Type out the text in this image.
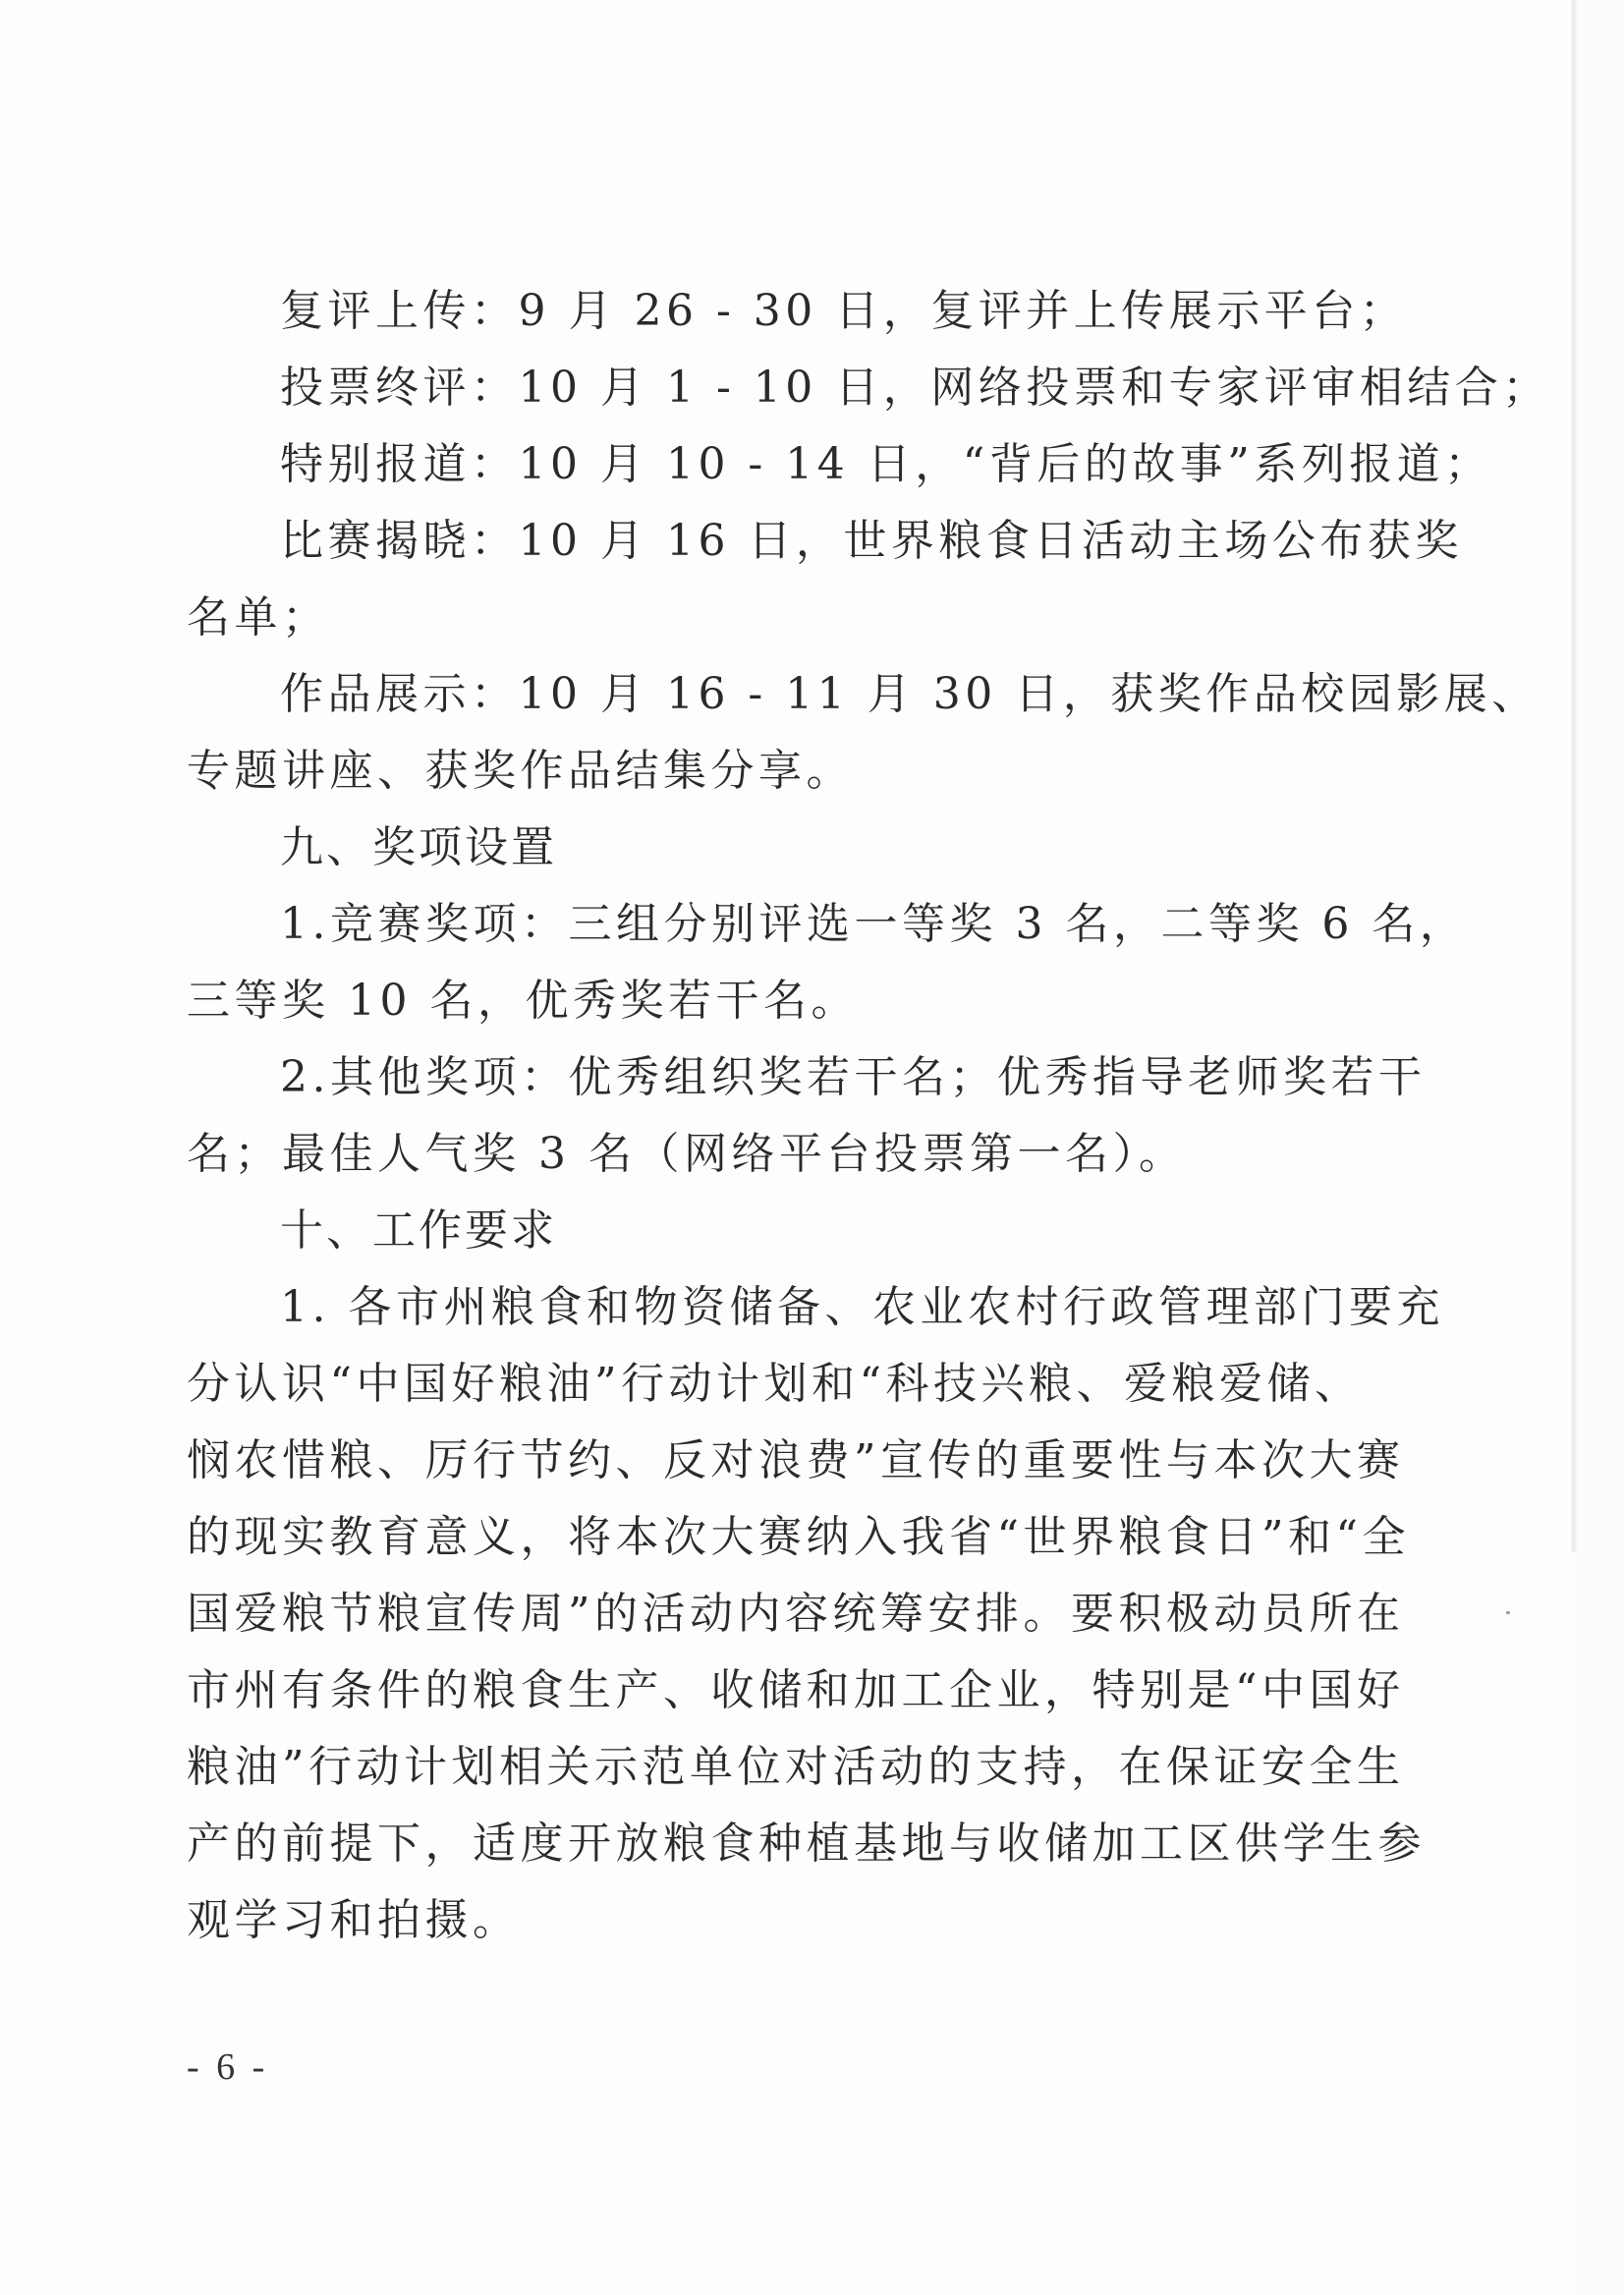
复评上传：9 月 26 - 30 日，复评并上传展示平台；

投票终评：10 月 1 - 10 日，网络投票和专家评审相结合；

特别报道：10 月 10 - 14 日，“背后的故事”系列报道；

比赛揭晓：10 月 16 日，世界粮食日活动主场公布获奖

名单；

作品展示：10 月 16 - 11 月 30 日，获奖作品校园影展、

专题讲座、获奖作品结集分享。

九、奖项设置

1.竞赛奖项：三组分别评选一等奖 3 名，二等奖 6 名，

三等奖 10 名，优秀奖若干名。

2.其他奖项：优秀组织奖若干名；优秀指导老师奖若干

名；最佳人气奖 3 名（网络平台投票第一名）。

十、工作要求

1. 各市州粮食和物资储备、农业农村行政管理部门要充

分认识“中国好粮油”行动计划和“科技兴粮、爱粮爱储、

悯农惜粮、厉行节约、反对浪费”宣传的重要性与本次大赛

的现实教育意义，将本次大赛纳入我省“世界粮食日”和“全

国爱粮节粮宣传周”的活动内容统筹安排。要积极动员所在

市州有条件的粮食生产、收储和加工企业，特别是“中国好

粮油”行动计划相关示范单位对活动的支持，在保证安全生

产的前提下，适度开放粮食种植基地与收储加工区供学生参

观学习和拍摄。

- 6 -
